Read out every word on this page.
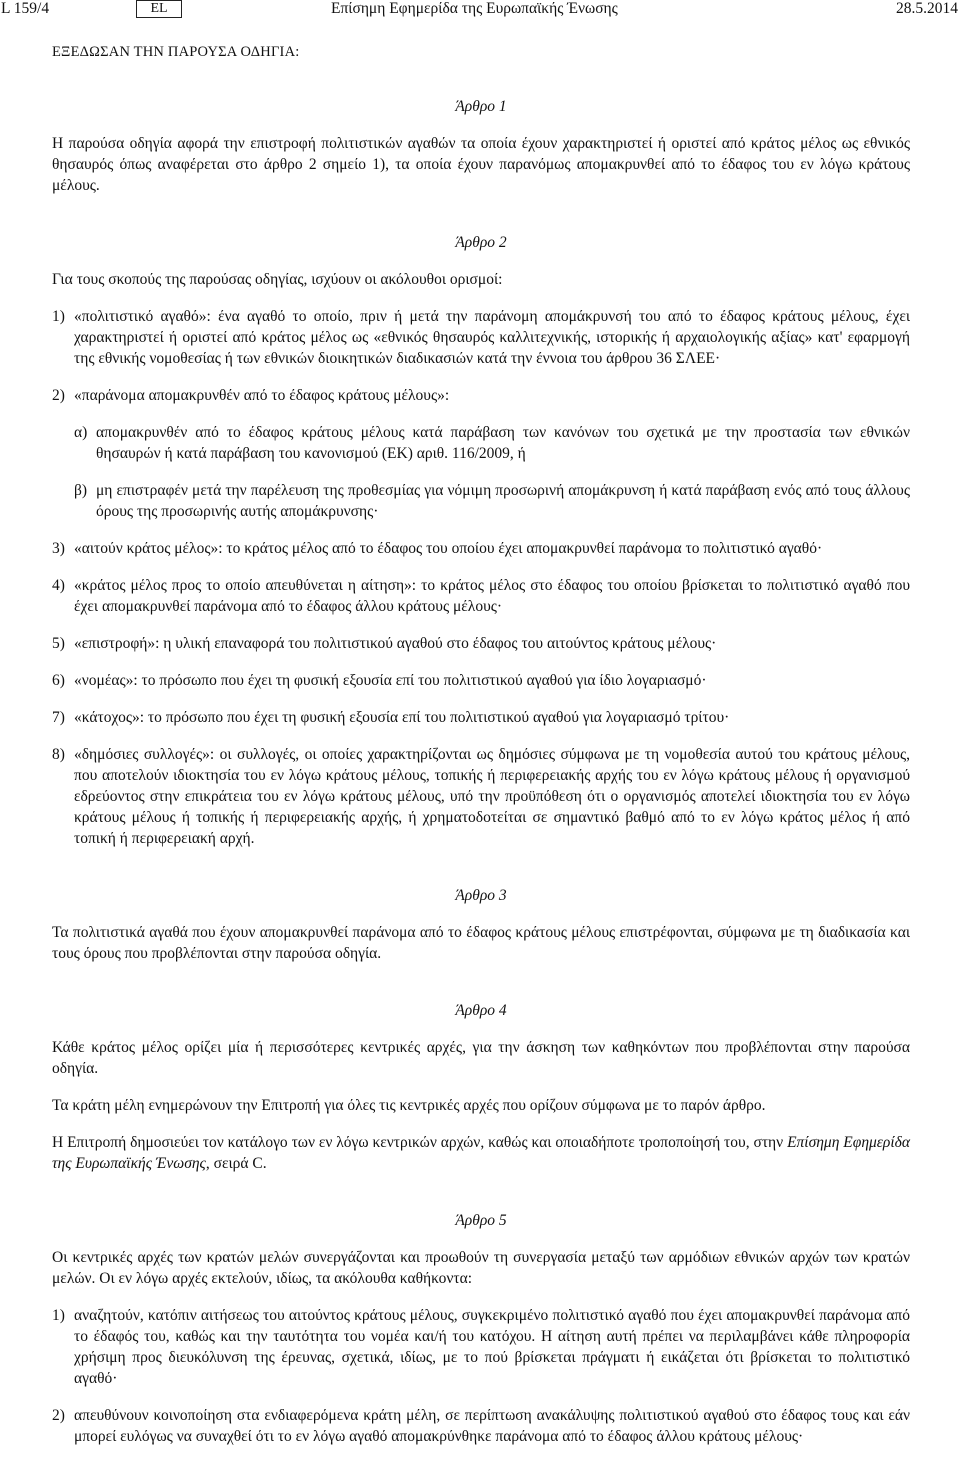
L 159/4	EL	Επίσημη Εφημερίδα της Ευρωπαϊκής Ένωσης	28.5.2014
ΕΞΕΔΩΣΑΝ ΤΗΝ ΠΑΡΟΥΣΑ ΟΔΗΓΙΑ:
Άρθρο 1
Η παρούσα οδηγία αφορά την επιστροφή πολιτιστικών αγαθών τα οποία έχουν χαρακτηριστεί ή οριστεί από κράτος μέλος ως εθνικός θησαυρός όπως αναφέρεται στο άρθρο 2 σημείο 1), τα οποία έχουν παρανόμως απομακρυνθεί από το έδαφος του εν λόγω κράτους μέλους.
Άρθρο 2
Για τους σκοπούς της παρούσας οδηγίας, ισχύουν οι ακόλουθοι ορισμοί:
1) «πολιτιστικό αγαθό»: ένα αγαθό το οποίο, πριν ή μετά την παράνομη απομάκρυνσή του από το έδαφος κράτους μέλους, έχει χαρακτηριστεί ή οριστεί από κράτος μέλος ως «εθνικός θησαυρός καλλιτεχνικής, ιστορικής ή αρχαιολογικής αξίας» κατ' εφαρμογή της εθνικής νομοθεσίας ή των εθνικών διοικητικών διαδικασιών κατά την έννοια του άρθρου 36 ΣΛΕΕ·
2) «παράνομα απομακρυνθέν από το έδαφος κράτους μέλους»:
α) απομακρυνθέν από το έδαφος κράτους μέλους κατά παράβαση των κανόνων του σχετικά με την προστασία των εθνικών θησαυρών ή κατά παράβαση του κανονισμού (ΕΚ) αριθ. 116/2009, ή
β) μη επιστραφέν μετά την παρέλευση της προθεσμίας για νόμιμη προσωρινή απομάκρυνση ή κατά παράβαση ενός από τους άλλους όρους της προσωρινής αυτής απομάκρυνσης·
3) «αιτούν κράτος μέλος»: το κράτος μέλος από το έδαφος του οποίου έχει απομακρυνθεί παράνομα το πολιτιστικό αγαθό·
4) «κράτος μέλος προς το οποίο απευθύνεται η αίτηση»: το κράτος μέλος στο έδαφος του οποίου βρίσκεται το πολιτιστικό αγαθό που έχει απομακρυνθεί παράνομα από το έδαφος άλλου κράτους μέλους·
5) «επιστροφή»: η υλική επαναφορά του πολιτιστικού αγαθού στο έδαφος του αιτούντος κράτους μέλους·
6) «νομέας»: το πρόσωπο που έχει τη φυσική εξουσία επί του πολιτιστικού αγαθού για ίδιο λογαριασμό·
7) «κάτοχος»: το πρόσωπο που έχει τη φυσική εξουσία επί του πολιτιστικού αγαθού για λογαριασμό τρίτου·
8) «δημόσιες συλλογές»: οι συλλογές, οι οποίες χαρακτηρίζονται ως δημόσιες σύμφωνα με τη νομοθεσία αυτού του κράτους μέλους, που αποτελούν ιδιοκτησία του εν λόγω κράτους μέλους, τοπικής ή περιφερειακής αρχής του εν λόγω κράτους μέλους ή οργανισμού εδρεύοντος στην επικράτεια του εν λόγω κράτους μέλους, υπό την προϋπόθεση ότι ο οργανισμός αποτελεί ιδιοκτησία του εν λόγω κράτους μέλους ή τοπικής ή περιφερειακής αρχής, ή χρηματοδοτείται σε σημαντικό βαθμό από το εν λόγω κράτος μέλος ή από τοπική ή περιφερειακή αρχή.
Άρθρο 3
Τα πολιτιστικά αγαθά που έχουν απομακρυνθεί παράνομα από το έδαφος κράτους μέλους επιστρέφονται, σύμφωνα με τη διαδικασία και τους όρους που προβλέπονται στην παρούσα οδηγία.
Άρθρο 4
Κάθε κράτος μέλος ορίζει μία ή περισσότερες κεντρικές αρχές, για την άσκηση των καθηκόντων που προβλέπονται στην παρούσα οδηγία.
Τα κράτη μέλη ενημερώνουν την Επιτροπή για όλες τις κεντρικές αρχές που ορίζουν σύμφωνα με το παρόν άρθρο.
Η Επιτροπή δημοσιεύει τον κατάλογο των εν λόγω κεντρικών αρχών, καθώς και οποιαδήποτε τροποποίησή του, στην Επίσημη Εφημερίδα της Ευρωπαϊκής Ένωσης, σειρά C.
Άρθρο 5
Οι κεντρικές αρχές των κρατών μελών συνεργάζονται και προωθούν τη συνεργασία μεταξύ των αρμόδιων εθνικών αρχών των κρατών μελών. Οι εν λόγω αρχές εκτελούν, ιδίως, τα ακόλουθα καθήκοντα:
1) αναζητούν, κατόπιν αιτήσεως του αιτούντος κράτους μέλους, συγκεκριμένο πολιτιστικό αγαθό που έχει απομακρυνθεί παράνομα από το έδαφός του, καθώς και την ταυτότητα του νομέα και/ή του κατόχου. Η αίτηση αυτή πρέπει να περιλαμβάνει κάθε πληροφορία χρήσιμη προς διευκόλυνση της έρευνας, σχετικά, ιδίως, με το πού βρίσκεται πράγματι ή εικάζεται ότι βρίσκεται το πολιτιστικό αγαθό·
2) απευθύνουν κοινοποίηση στα ενδιαφερόμενα κράτη μέλη, σε περίπτωση ανακάλυψης πολιτιστικού αγαθού στο έδαφος τους και εάν μπορεί ευλόγως να συναχθεί ότι το εν λόγω αγαθό απομακρύνθηκε παράνομα από το έδαφος άλλου κράτους μέλους·
